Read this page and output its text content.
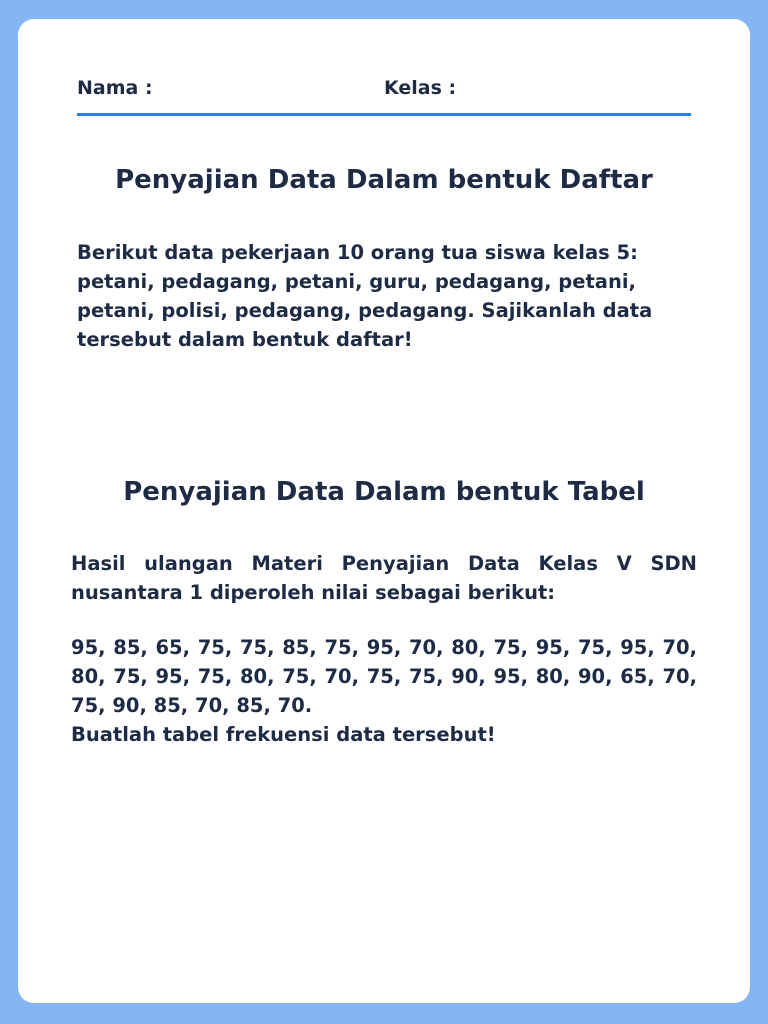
Nama :	Kelas :
Penyajian Data Dalam bentuk Daftar

Berikut data pekerjaan 10 orang tua siswa kelas 5: petani, pedagang, petani, guru, pedagang, petani, petani, polisi, pedagang, pedagang. Sajikanlah data tersebut dalam bentuk daftar!

Penyajian Data Dalam bentuk Tabel

Hasil ulangan Materi Penyajian Data Kelas V SDN nusantara 1 diperoleh nilai sebagai berikut:

95, 85, 65, 75, 75, 85, 75, 95, 70, 80, 75, 95, 75, 95, 70, 80, 75, 95, 75, 80, 75, 70, 75, 75, 90, 95, 80, 90, 65, 70, 75, 90, 85, 70, 85, 70.

Buatlah tabel frekuensi data tersebut!
